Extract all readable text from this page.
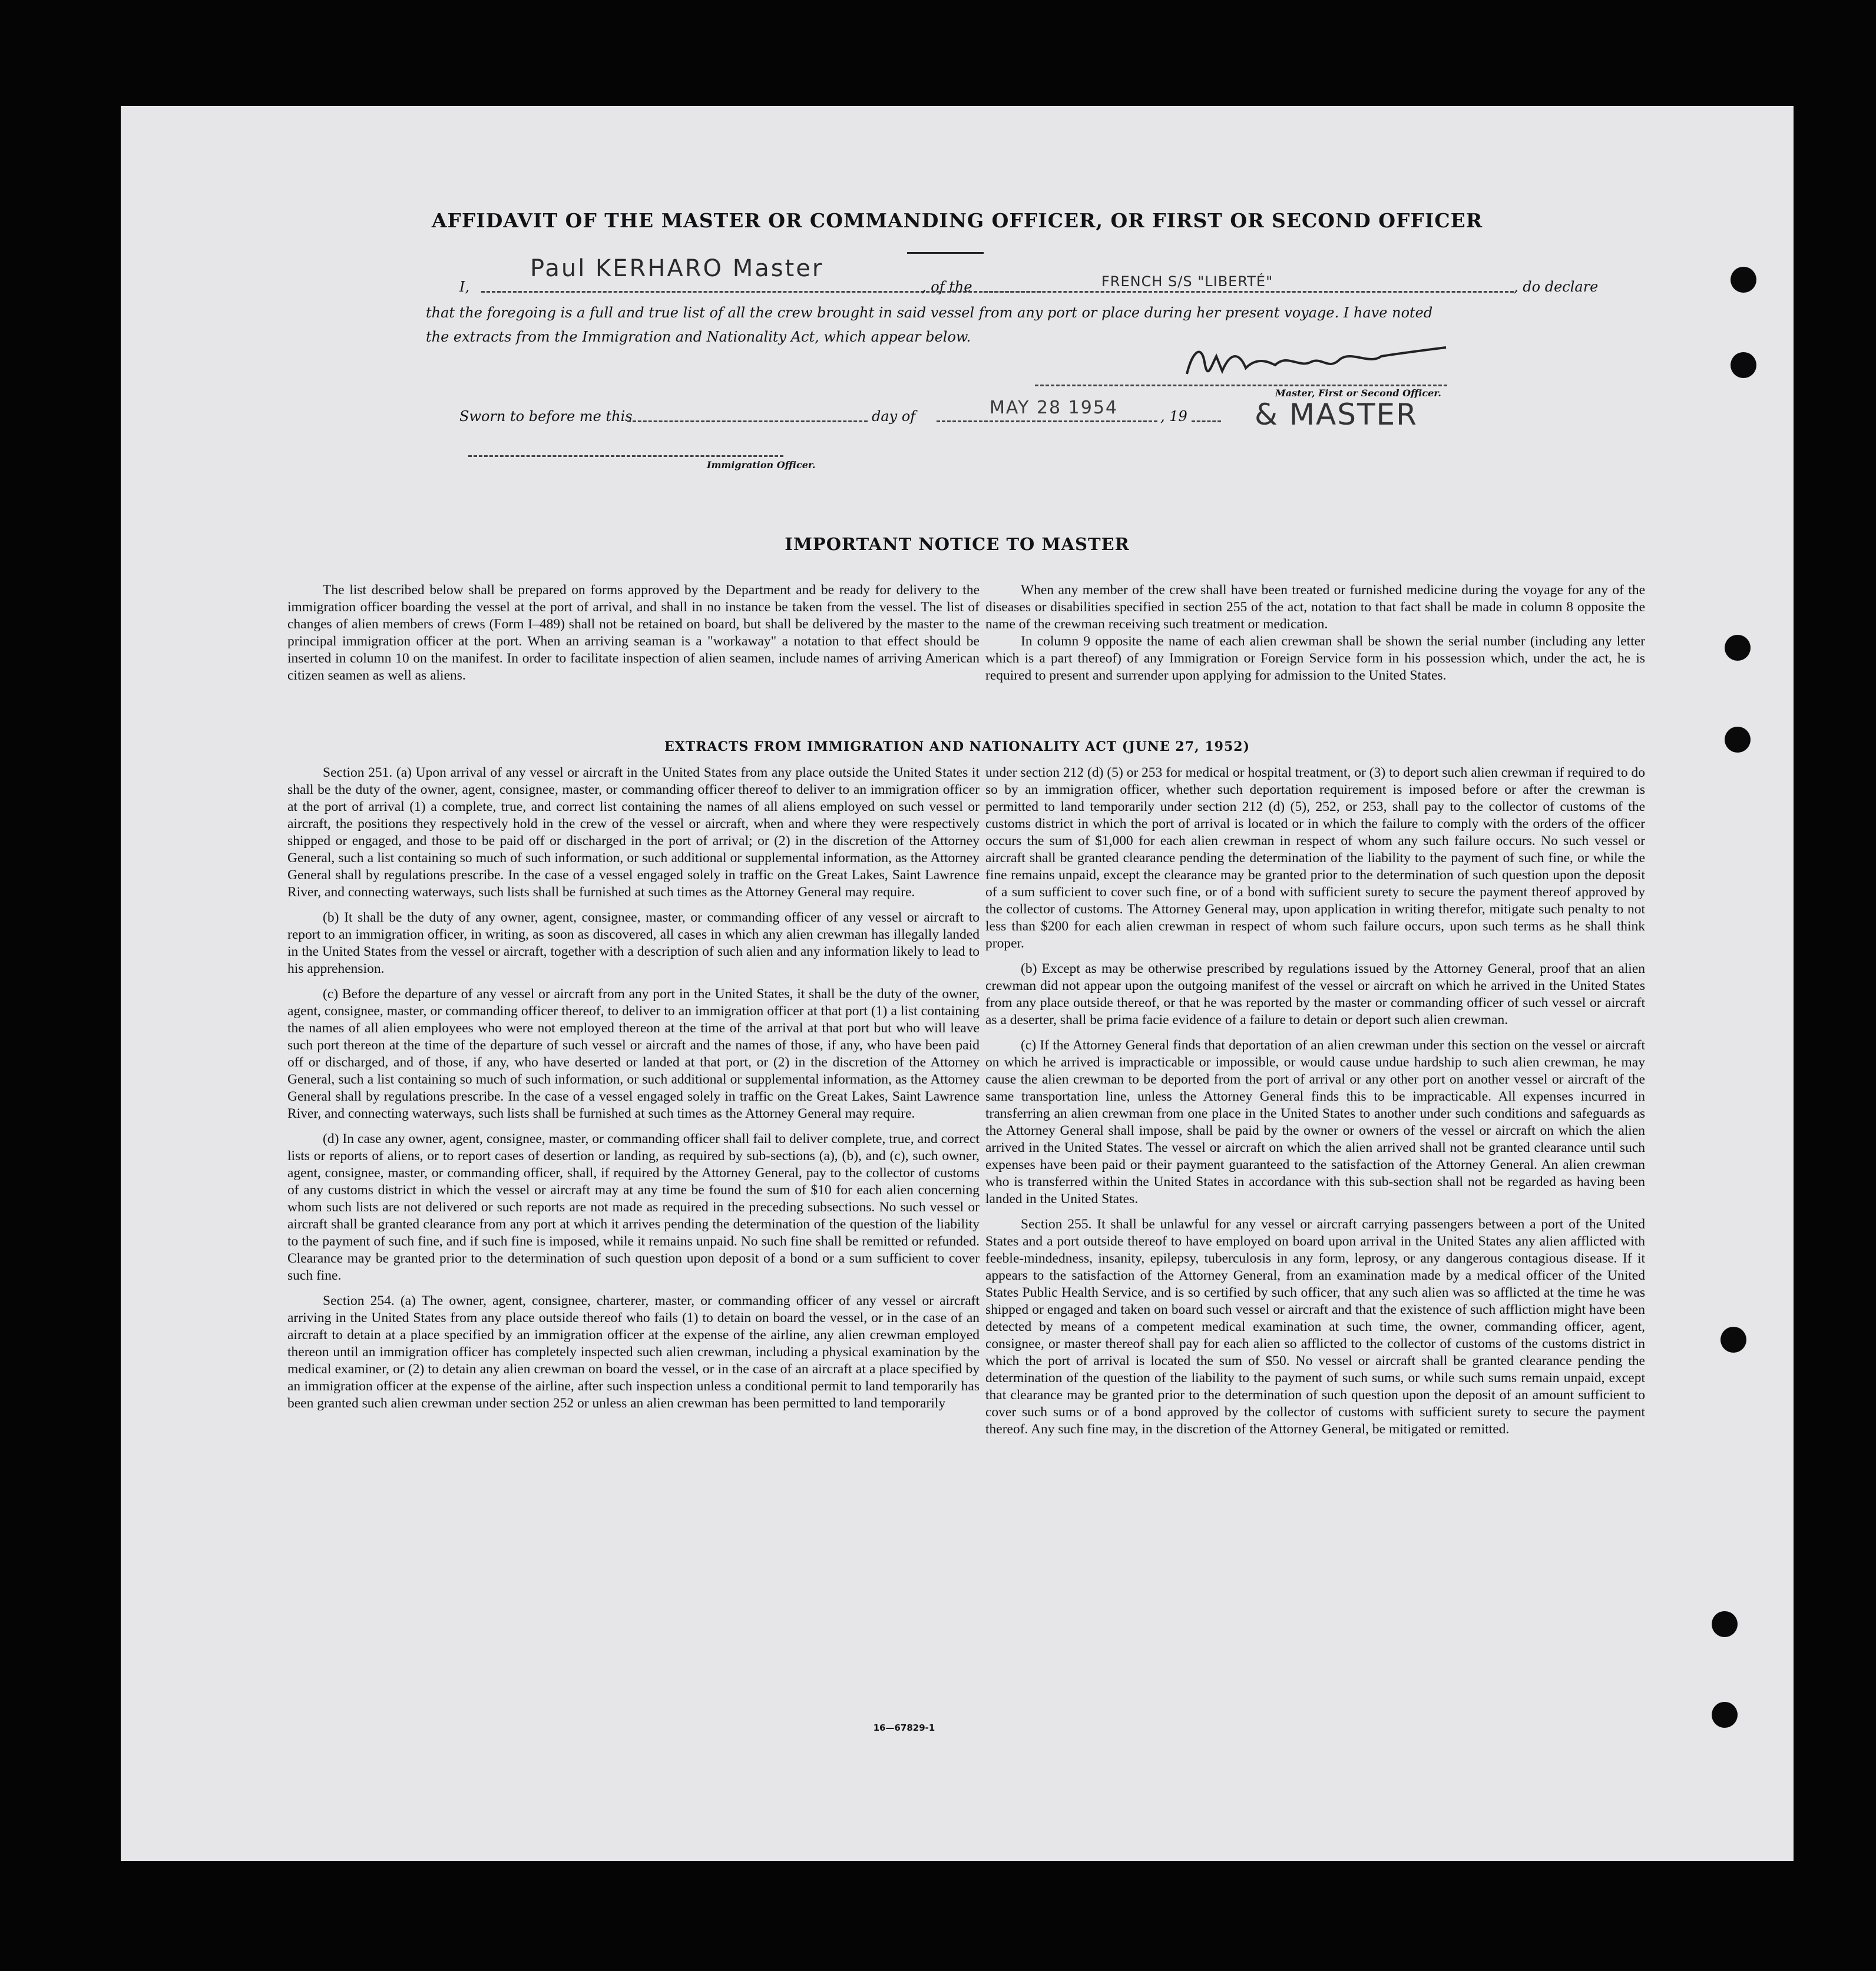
AFFIDAVIT OF THE MASTER OR COMMANDING OFFICER, OR FIRST OR SECOND OFFICER
Paul KERHARO Master
I,	, of the	FRENCH S/S "LIBERTÉ"	, do declare
that the foregoing is a full and true list of all the crew brought in said vessel from any port or place during her present voyage. I have noted
the extracts from the Immigration and Nationality Act, which appear below.
Master, First or Second Officer.
& MASTER
Sworn to before me this	day of	MAY 28 1954	, 19
Immigration Officer.
IMPORTANT NOTICE TO MASTER

The list described below shall be prepared on forms approved by the Department and be ready for delivery to the immigration officer boarding the vessel at the port of arrival, and shall in no instance be taken from the vessel. The list of changes of alien members of crews (Form I–489) shall not be retained on board, but shall be delivered by the master to the principal immigration officer at the port. When an arriving seaman is a "workaway" a notation to that effect should be inserted in column 10 on the manifest. In order to facilitate inspection of alien seamen, include names of arriving American citizen seamen as well as aliens.

When any member of the crew shall have been treated or furnished medicine during the voyage for any of the diseases or disabilities specified in section 255 of the act, notation to that fact shall be made in column 8 opposite the name of the crewman receiving such treatment or medication.

In column 9 opposite the name of each alien crewman shall be shown the serial number (including any letter which is a part thereof) of any Immigration or Foreign Service form in his possession which, under the act, he is required to present and surrender upon applying for admission to the United States.

EXTRACTS FROM IMMIGRATION AND NATIONALITY ACT (JUNE 27, 1952)

Section 251. (a) Upon arrival of any vessel or aircraft in the United States from any place outside the United States it shall be the duty of the owner, agent, consignee, master, or commanding officer thereof to deliver to an immigration officer at the port of arrival (1) a complete, true, and correct list containing the names of all aliens employed on such vessel or aircraft, the positions they respectively hold in the crew of the vessel or aircraft, when and where they were respectively shipped or engaged, and those to be paid off or discharged in the port of arrival; or (2) in the discretion of the Attorney General, such a list containing so much of such information, or such additional or supplemental information, as the Attorney General shall by regulations prescribe. In the case of a vessel engaged solely in traffic on the Great Lakes, Saint Lawrence River, and connecting waterways, such lists shall be furnished at such times as the Attorney General may require.

(b) It shall be the duty of any owner, agent, consignee, master, or commanding officer of any vessel or aircraft to report to an immigration officer, in writing, as soon as discovered, all cases in which any alien crewman has illegally landed in the United States from the vessel or aircraft, together with a description of such alien and any information likely to lead to his apprehension.

(c) Before the departure of any vessel or aircraft from any port in the United States, it shall be the duty of the owner, agent, consignee, master, or commanding officer thereof, to deliver to an immigration officer at that port (1) a list containing the names of all alien employees who were not employed thereon at the time of the arrival at that port but who will leave such port thereon at the time of the departure of such vessel or aircraft and the names of those, if any, who have been paid off or discharged, and of those, if any, who have deserted or landed at that port, or (2) in the discretion of the Attorney General, such a list containing so much of such information, or such additional or supplemental information, as the Attorney General shall by regulations prescribe. In the case of a vessel engaged solely in traffic on the Great Lakes, Saint Lawrence River, and connecting waterways, such lists shall be furnished at such times as the Attorney General may require.

(d) In case any owner, agent, consignee, master, or commanding officer shall fail to deliver complete, true, and correct lists or reports of aliens, or to report cases of desertion or landing, as required by sub-sections (a), (b), and (c), such owner, agent, consignee, master, or commanding officer, shall, if required by the Attorney General, pay to the collector of customs of any customs district in which the vessel or aircraft may at any time be found the sum of $10 for each alien concerning whom such lists are not delivered or such reports are not made as required in the preceding subsections. No such vessel or aircraft shall be granted clearance from any port at which it arrives pending the determination of the question of the liability to the payment of such fine, and if such fine is imposed, while it remains unpaid. No such fine shall be remitted or refunded. Clearance may be granted prior to the determination of such question upon deposit of a bond or a sum sufficient to cover such fine.

Section 254. (a) The owner, agent, consignee, charterer, master, or commanding officer of any vessel or aircraft arriving in the United States from any place outside thereof who fails (1) to detain on board the vessel, or in the case of an aircraft to detain at a place specified by an immigration officer at the expense of the airline, any alien crewman employed thereon until an immigration officer has completely inspected such alien crewman, including a physical examination by the medical examiner, or (2) to detain any alien crewman on board the vessel, or in the case of an aircraft at a place specified by an immigration officer at the expense of the airline, after such inspection unless a conditional permit to land temporarily has been granted such alien crewman under section 252 or unless an alien crewman has been permitted to land temporarily

under section 212 (d) (5) or 253 for medical or hospital treatment, or (3) to deport such alien crewman if required to do so by an immigration officer, whether such deportation requirement is imposed before or after the crewman is permitted to land temporarily under section 212 (d) (5), 252, or 253, shall pay to the collector of customs of the customs district in which the port of arrival is located or in which the failure to comply with the orders of the officer occurs the sum of $1,000 for each alien crewman in respect of whom any such failure occurs. No such vessel or aircraft shall be granted clearance pending the determination of the liability to the payment of such fine, or while the fine remains unpaid, except the clearance may be granted prior to the determination of such question upon the deposit of a sum sufficient to cover such fine, or of a bond with sufficient surety to secure the payment thereof approved by the collector of customs. The Attorney General may, upon application in writing therefor, mitigate such penalty to not less than $200 for each alien crewman in respect of whom such failure occurs, upon such terms as he shall think proper.

(b) Except as may be otherwise prescribed by regulations issued by the Attorney General, proof that an alien crewman did not appear upon the outgoing manifest of the vessel or aircraft on which he arrived in the United States from any place outside thereof, or that he was reported by the master or commanding officer of such vessel or aircraft as a deserter, shall be prima facie evidence of a failure to detain or deport such alien crewman.

(c) If the Attorney General finds that deportation of an alien crewman under this section on the vessel or aircraft on which he arrived is impracticable or impossible, or would cause undue hardship to such alien crewman, he may cause the alien crewman to be deported from the port of arrival or any other port on another vessel or aircraft of the same transportation line, unless the Attorney General finds this to be impracticable. All expenses incurred in transferring an alien crewman from one place in the United States to another under such conditions and safeguards as the Attorney General shall impose, shall be paid by the owner or owners of the vessel or aircraft on which the alien arrived in the United States. The vessel or aircraft on which the alien arrived shall not be granted clearance until such expenses have been paid or their payment guaranteed to the satisfaction of the Attorney General. An alien crewman who is transferred within the United States in accordance with this sub-section shall not be regarded as having been landed in the United States.

Section 255. It shall be unlawful for any vessel or aircraft carrying passengers between a port of the United States and a port outside thereof to have employed on board upon arrival in the United States any alien afflicted with feeble-mindedness, insanity, epilepsy, tuberculosis in any form, leprosy, or any dangerous contagious disease. If it appears to the satisfaction of the Attorney General, from an examination made by a medical officer of the United States Public Health Service, and is so certified by such officer, that any such alien was so afflicted at the time he was shipped or engaged and taken on board such vessel or aircraft and that the existence of such affliction might have been detected by means of a competent medical examination at such time, the owner, commanding officer, agent, consignee, or master thereof shall pay for each alien so afflicted to the collector of customs of the customs district in which the port of arrival is located the sum of $50. No vessel or aircraft shall be granted clearance pending the determination of the question of the liability to the payment of such sums, or while such sums remain unpaid, except that clearance may be granted prior to the determination of such question upon the deposit of an amount sufficient to cover such sums or of a bond approved by the collector of customs with sufficient surety to secure the payment thereof. Any such fine may, in the discretion of the Attorney General, be mitigated or remitted.

16—67829-1
